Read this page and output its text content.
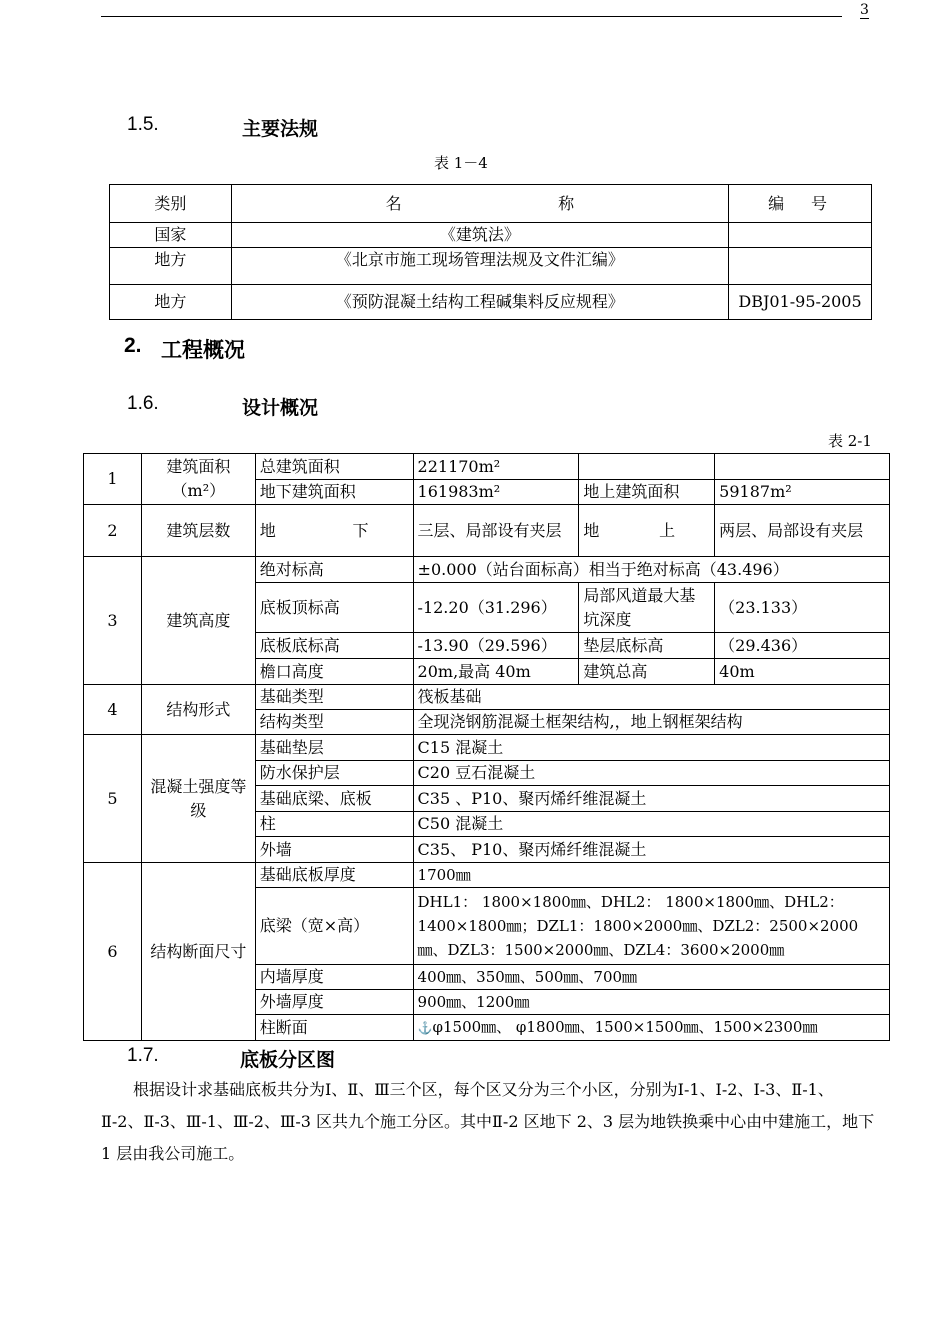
3
1.5.	主要法规
表 1－4
类别	名 称	编 号

国家	《建筑法》	
地方	《北京市施工现场管理法规及文件汇编》	
地方	《预防混凝土结构工程碱集料反应规程》	DBJ01-95-2005
2. 工程概况
1.6.	设计概况
表 2-1
1	建筑面积（m²）	总建筑面积	221170m²		
		地下建筑面积	161983m²	地上建筑面积	59187m²
2	建筑层数	地 下	三层、局部设有夹层	地 上	两层、局部设有夹层
3	建筑高度	绝对标高	±0.000（站台面标高）相当于绝对标高（43.496）		
		底板顶标高	-12.20（31.296）	局部风道最大基坑深度	（23.133）
		底板底标高	-13.90（29.596）	垫层底标高	（29.436）
		檐口高度	20m,最高 40m	建筑总高	40m
4	结构形式	基础类型	筏板基础		
		结构类型	全现浇钢筋混凝土框架结构,，地上钢框架结构		
5	混凝土强度等级	基础垫层	C15 混凝土		
		防水保护层	C20 豆石混凝土		
		基础底梁、底板	C35 、P10、聚丙烯纤维混凝土		
		柱	C50 混凝土		
		外墙	C35、 P10、聚丙烯纤维混凝土		
6	结构断面尺寸	基础底板厚度	1700㎜		
		底梁（宽×高）	DHL1： 1800×1800㎜、DHL2： 1800×1800㎜、DHL2：1400×1800㎜；DZL1：1800×2000㎜、DZL2：2500×2000㎜、DZL3：1500×2000㎜、DZL4：3600×2000㎜		
		内墙厚度	400㎜、350㎜、500㎜、700㎜		
		外墙厚度	900㎜、1200㎜		
		柱断面	⚓φ1500㎜、 φ1800㎜、1500×1500㎜、1500×2300㎜		
1.7.	底板分区图
根据设计求基础底板共分为Ⅰ、Ⅱ、Ⅲ三个区，每个区又分为三个小区，分别为Ⅰ-1、Ⅰ-2、Ⅰ-3、Ⅱ-1、Ⅱ-2、Ⅱ-3、Ⅲ-1、Ⅲ-2、Ⅲ-3 区共九个施工分区。其中Ⅱ-2 区地下 2、3 层为地铁换乘中心由中建施工，地下 1 层由我公司施工。
